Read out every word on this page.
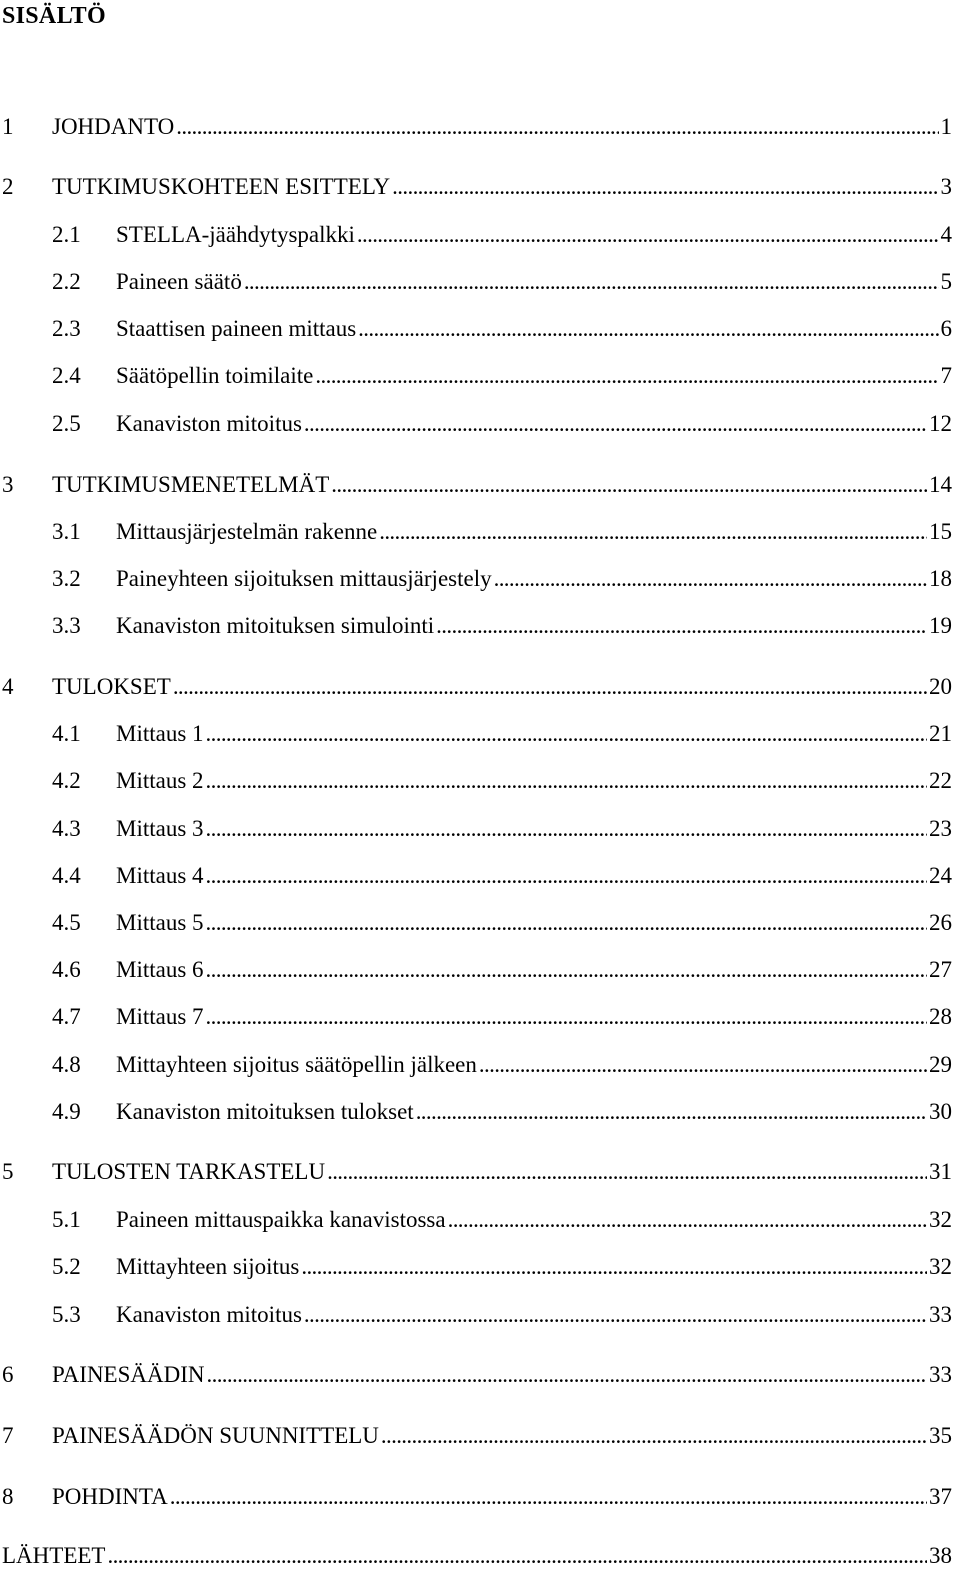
SISÄLTÖ
1	JOHDANTO . . .	1
2	TUTKIMUSKOHTEEN ESITTELY . . .	3
2.1	STELLA-jäähdytyspalkki . . .	4
2.2	Paineen säätö . . .	5
2.3	Staattisen paineen mittaus . . .	6
2.4	Säätöpellin toimilaite . . .	7
2.5	Kanaviston mitoitus . . .	12
3	TUTKIMUSMENETELMÄT . . .	14
3.1	Mittausjärjestelmän rakenne . . .	15
3.2	Paineyhteen sijoituksen mittausjärjestely . . .	18
3.3	Kanaviston mitoituksen simulointi . . .	19
4	TULOKSET . . .	20
4.1	Mittaus 1 . . .	21
4.2	Mittaus 2 . . .	22
4.3	Mittaus 3 . . .	23
4.4	Mittaus 4 . . .	24
4.5	Mittaus 5 . . .	26
4.6	Mittaus 6 . . .	27
4.7	Mittaus 7 . . .	28
4.8	Mittayhteen sijoitus säätöpellin jälkeen . . .	29
4.9	Kanaviston mitoituksen tulokset . . .	30
5	TULOSTEN TARKASTELU . . .	31
5.1	Paineen mittauspaikka kanavistossa . . .	32
5.2	Mittayhteen sijoitus . . .	32
5.3	Kanaviston mitoitus . . .	33
6	PAINESÄÄDIN . . .	33
7	PAINESÄÄDÖN SUUNNITTELU . . .	35
8	POHDINTA . . .	37
LÄHTEET . . .	38
